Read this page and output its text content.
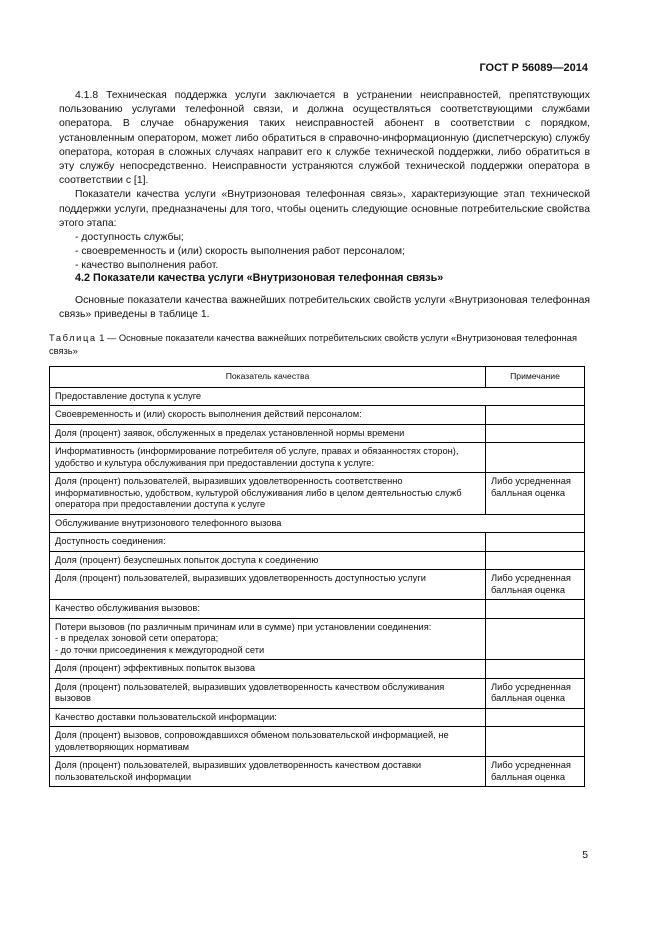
ГОСТ Р 56089—2014

4.1.8 Техническая поддержка услуги заключается в устранении неисправностей, препятствующих пользованию услугами телефонной связи, и должна осуществляться соответствующими службами оператора. В случае обнаружения таких неисправностей абонент в соответствии с порядком, установленным оператором, может либо обратиться в справочно-информационную (диспетчерскую) службу оператора, которая в сложных случаях направит его к службе технической поддержки, либо обратиться в эту службу непосредственно. Неисправности устраняются службой технической поддержки оператора в соответствии с [1].

Показатели качества услуги «Внутризоновая телефонная связь», характеризующие этап технической поддержки услуги, предназначены для того, чтобы оценить следующие основные потребительские свойства этого этапа:

- доступность службы;

- своевременность и (или) скорость выполнения работ персоналом;

- качество выполнения работ.

4.2 Показатели качества услуги «Внутризоновая телефонная связь»

Основные показатели качества важнейших потребительских свойств услуги «Внутризоновая телефонная связь» приведены в таблице 1.

Таблица 1 — Основные показатели качества важнейших потребительских свойств услуги «Внутризоновая телефонная связь»

Показатель качества	Примечание
Предоставление доступа к услуге	
Своевременность и (или) скорость выполнения действий персоналом:	
Доля (процент) заявок, обслуженных в пределах установленной нормы времени	
Информативность (информирование потребителя об услуге, правах и обязанностях сторон), удобство и культура обслуживания при предоставлении доступа к услуге:	
Доля (процент) пользователей, выразивших удовлетворенность соответственно информативностью, удобством, культурой обслуживания либо в целом деятельностью служб оператора при предоставлении доступа к услуге	Либо усредненная балльная оценка
Обслуживание внутризонового телефонного вызова	
Доступность соединения:	
Доля (процент) безуспешных попыток доступа к соединению	
Доля (процент) пользователей, выразивших удовлетворенность доступностью услуги	Либо усредненная балльная оценка
Качество обслуживания вызовов:	
Потери вызовов (по различным причинам или в сумме) при установлении соединения:
- в пределах зоновой сети оператора;
- до точки присоединения к междугородной сети	
Доля (процент) эффективных попыток вызова	
Доля (процент) пользователей, выразивших удовлетворенность качеством обслуживания вызовов	Либо усредненная балльная оценка
Качество доставки пользовательской информации:	
Доля (процент) вызовов, сопровождавшихся обменом пользовательской информацией, не удовлетворяющих нормативам	
Доля (процент) пользователей, выразивших удовлетворенность качеством доставки пользовательской информации	Либо усредненная балльная оценка
5
